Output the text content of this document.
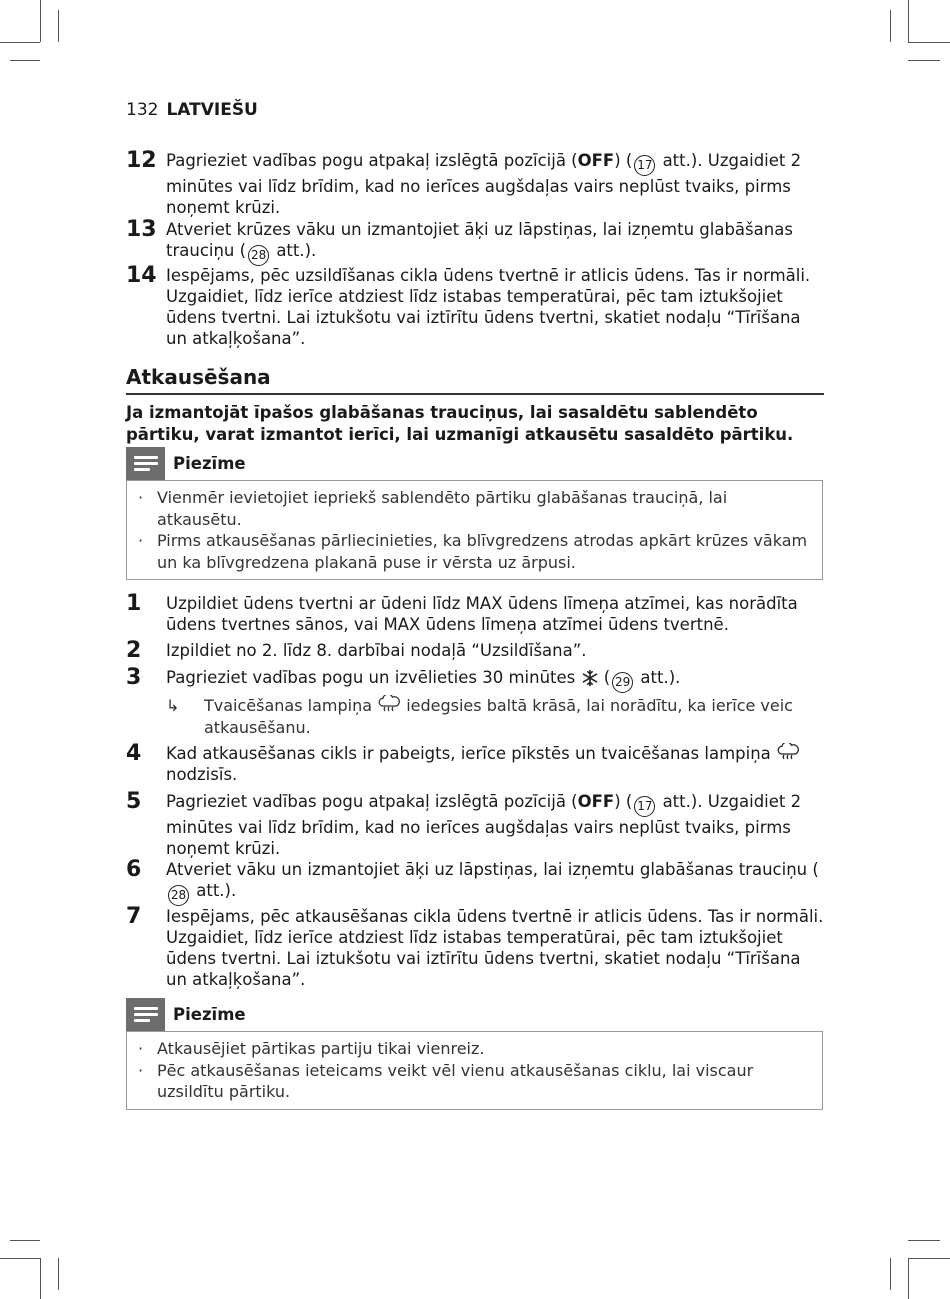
132 LATVIEŠU
12 Pagrieziet vadības pogu atpakaļ izslēgtā pozīcijā (OFF) ( 17 att.). Uzgaidiet 2 minūtes vai līdz brīdim, kad no ierīces augšdaļas vairs neplūst tvaiks, pirms noņemt krūzi.
13 Atveriet krūzes vāku un izmantojiet āķi uz lāpstiņas, lai izņemtu glabāšanas trauciņu ( 28 att.).
14 Iespējams, pēc uzsildīšanas cikla ūdens tvertnē ir atlicis ūdens. Tas ir normāli. Uzgaidiet, līdz ierīce atdziest līdz istabas temperatūrai, pēc tam iztukšojiet ūdens tvertni. Lai iztukšotu vai iztīrītu ūdens tvertni, skatiet nodaļu “Tīrīšana un atkaļķošana”.
Atkausēšana
Ja izmantojāt īpašos glabāšanas trauciņus, lai sasaldētu sablendēto pārtiku, varat izmantot ierīci, lai uzmanīgi atkausētu sasaldēto pārtiku.
Piezīme
· Vienmēr ievietojiet iepriekš sablendēto pārtiku glabāšanas trauciņā, lai atkausētu.
· Pirms atkausēšanas pārliecinieties, ka blīvgredzens atrodas apkārt krūzes vākam un ka blīvgredzena plakanā puse ir vērsta uz ārpusi.
1 Uzpildiet ūdens tvertni ar ūdeni līdz MAX ūdens līmeņa atzīmei, kas norādīta ūdens tvertnes sānos, vai MAX ūdens līmeņa atzīmei ūdens tvertnē.
2 Izpildiet no 2. līdz 8. darbībai nodaļā “Uzsildīšana”.
3 Pagrieziet vadības pogu un izvēlieties 30 minūtes  ( 29 att.).
↳ Tvaicēšanas lampiņa  iedegsies baltā krāsā, lai norādītu, ka ierīce veic atkausēšanu.
4 Kad atkausēšanas cikls ir pabeigts, ierīce pīkstēs un tvaicēšanas lampiņa  nodzisīs.
5 Pagrieziet vadības pogu atpakaļ izslēgtā pozīcijā (OFF) ( 17 att.). Uzgaidiet 2 minūtes vai līdz brīdim, kad no ierīces augšdaļas vairs neplūst tvaiks, pirms noņemt krūzi.
6 Atveriet vāku un izmantojiet āķi uz lāpstiņas, lai izņemtu glabāšanas trauciņu (28 att.).
7 Iespējams, pēc atkausēšanas cikla ūdens tvertnē ir atlicis ūdens. Tas ir normāli. Uzgaidiet, līdz ierīce atdziest līdz istabas temperatūrai, pēc tam iztukšojiet ūdens tvertni. Lai iztukšotu vai iztīrītu ūdens tvertni, skatiet nodaļu “Tīrīšana un atkaļķošana”.
Piezīme
· Atkausējiet pārtikas partiju tikai vienreiz.
· Pēc atkausēšanas ieteicams veikt vēl vienu atkausēšanas ciklu, lai viscaur uzsildītu pārtiku.
